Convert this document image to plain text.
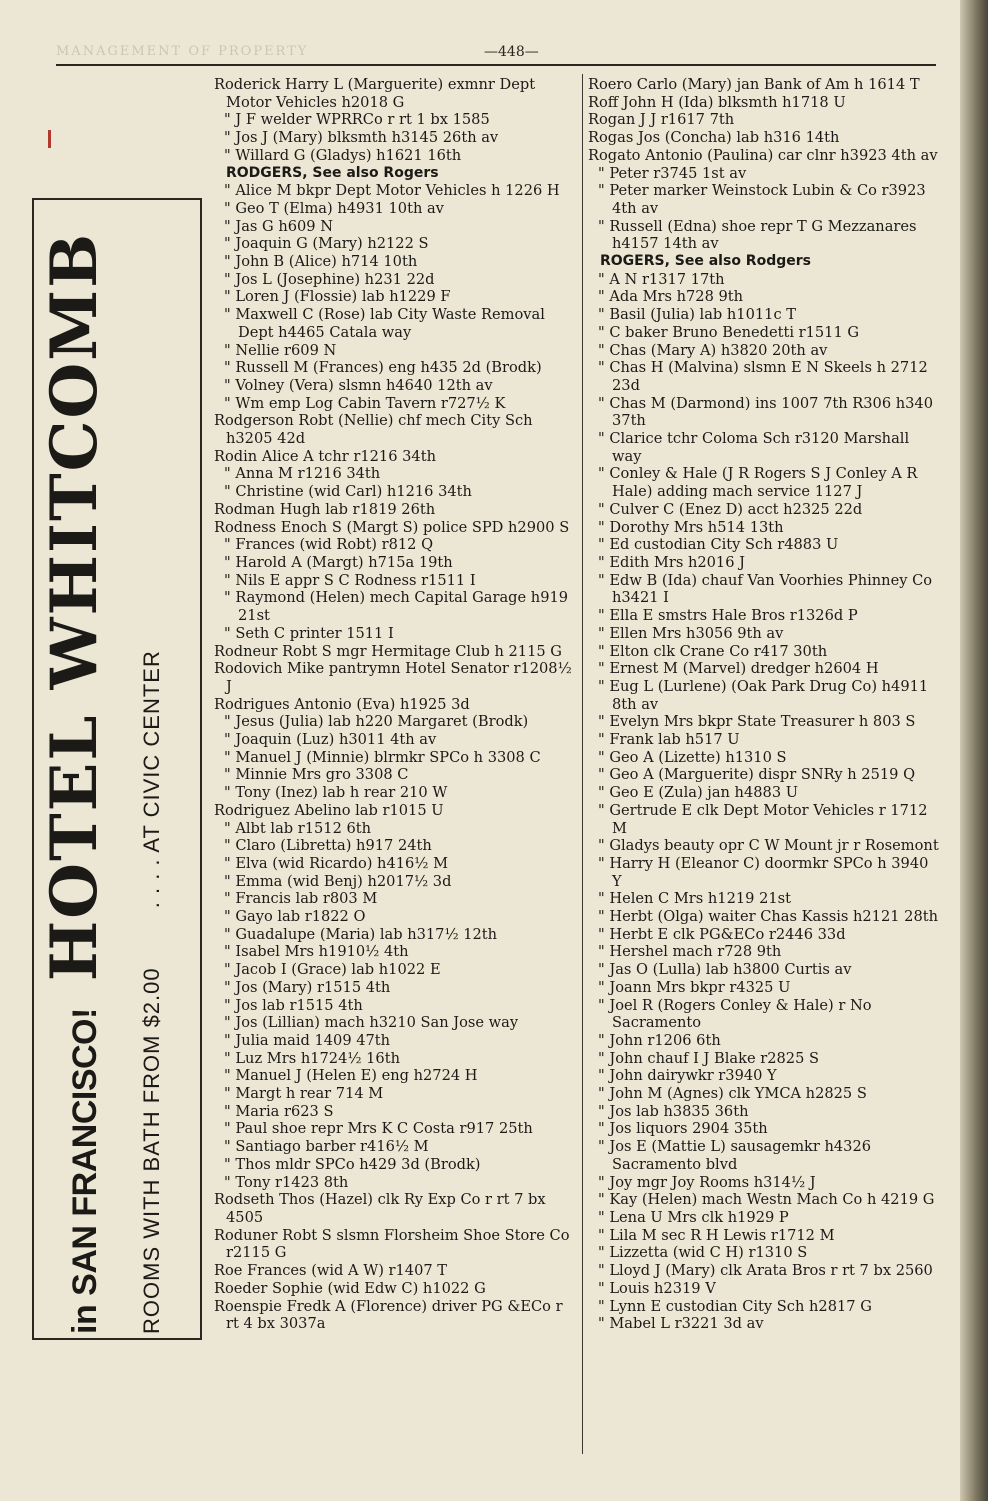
MANAGEMENT OF PROPERTY	—448—
in SAN FRANCISCO! HOTEL WHITCOMB
ROOMS WITH BATH FROM $2.00 . . . . AT CIVIC CENTER

Roderick Harry L (Marguerite) exmnr Dept Motor Vehicles h2018 G

" J F welder WPRRCo r rt 1 bx 1585

" Jos J (Mary) blksmth h3145 26th av

" Willard G (Gladys) h1621 16th

RODGERS, See also Rogers

" Alice M bkpr Dept Motor Vehicles h 1226 H

" Geo T (Elma) h4931 10th av

" Jas G h609 N

" Joaquin G (Mary) h2122 S

" John B (Alice) h714 10th

" Jos L (Josephine) h231 22d

" Loren J (Flossie) lab h1229 F

" Maxwell C (Rose) lab City Waste Removal Dept h4465 Catala way

" Nellie r609 N

" Russell M (Frances) eng h435 2d (Brodk)

" Volney (Vera) slsmn h4640 12th av

" Wm emp Log Cabin Tavern r727½ K

Rodgerson Robt (Nellie) chf mech City Sch h3205 42d

Rodin Alice A tchr r1216 34th

" Anna M r1216 34th

" Christine (wid Carl) h1216 34th

Rodman Hugh lab r1819 26th

Rodness Enoch S (Margt S) police SPD h2900 S

" Frances (wid Robt) r812 Q

" Harold A (Margt) h715a 19th

" Nils E appr S C Rodness r1511 I

" Raymond (Helen) mech Capital Garage h919 21st

" Seth C printer 1511 I

Rodneur Robt S mgr Hermitage Club h 2115 G

Rodovich Mike pantrymn Hotel Senator r1208½ J

Rodrigues Antonio (Eva) h1925 3d

" Jesus (Julia) lab h220 Margaret (Brodk)

" Joaquin (Luz) h3011 4th av

" Manuel J (Minnie) blrmkr SPCo h 3308 C

" Minnie Mrs gro 3308 C

" Tony (Inez) lab h rear 210 W

Rodriguez Abelino lab r1015 U

" Albt lab r1512 6th

" Claro (Libretta) h917 24th

" Elva (wid Ricardo) h416½ M

" Emma (wid Benj) h2017½ 3d

" Francis lab r803 M

" Gayo lab r1822 O

" Guadalupe (Maria) lab h317½ 12th

" Isabel Mrs h1910½ 4th

" Jacob I (Grace) lab h1022 E

" Jos (Mary) r1515 4th

" Jos lab r1515 4th

" Jos (Lillian) mach h3210 San Jose way

" Julia maid 1409 47th

" Luz Mrs h1724½ 16th

" Manuel J (Helen E) eng h2724 H

" Margt h rear 714 M

" Maria r623 S

" Paul shoe repr Mrs K C Costa r917 25th

" Santiago barber r416½ M

" Thos mldr SPCo h429 3d (Brodk)

" Tony r1423 8th

Rodseth Thos (Hazel) clk Ry Exp Co r rt 7 bx 4505

Roduner Robt S slsmn Florsheim Shoe Store Co r2115 G

Roe Frances (wid A W) r1407 T

Roeder Sophie (wid Edw C) h1022 G

Roenspie Fredk A (Florence) driver PG &ECo r rt 4 bx 3037a

Roero Carlo (Mary) jan Bank of Am h 1614 T

Roff John H (Ida) blksmth h1718 U

Rogan J J r1617 7th

Rogas Jos (Concha) lab h316 14th

Rogato Antonio (Paulina) car clnr h3923 4th av

" Peter r3745 1st av

" Peter marker Weinstock Lubin & Co r3923 4th av

" Russell (Edna) shoe repr T G Mezzanares h4157 14th av

ROGERS, See also Rodgers

" A N r1317 17th

" Ada Mrs h728 9th

" Basil (Julia) lab h1011c T

" C baker Bruno Benedetti r1511 G

" Chas (Mary A) h3820 20th av

" Chas H (Malvina) slsmn E N Skeels h 2712 23d

" Chas M (Darmond) ins 1007 7th R306 h340 37th

" Clarice tchr Coloma Sch r3120 Marshall way

" Conley & Hale (J R Rogers S J Conley A R Hale) adding mach service 1127 J

" Culver C (Enez D) acct h2325 22d

" Dorothy Mrs h514 13th

" Ed custodian City Sch r4883 U

" Edith Mrs h2016 J

" Edw B (Ida) chauf Van Voorhies Phinney Co h3421 I

" Ella E smstrs Hale Bros r1326d P

" Ellen Mrs h3056 9th av

" Elton clk Crane Co r417 30th

" Ernest M (Marvel) dredger h2604 H

" Eug L (Lurlene) (Oak Park Drug Co) h4911 8th av

" Evelyn Mrs bkpr State Treasurer h 803 S

" Frank lab h517 U

" Geo A (Lizette) h1310 S

" Geo A (Marguerite) dispr SNRy h 2519 Q

" Geo E (Zula) jan h4883 U

" Gertrude E clk Dept Motor Vehicles r 1712 M

" Gladys beauty opr C W Mount jr r Rosemont

" Harry H (Eleanor C) doormkr SPCo h 3940 Y

" Helen C Mrs h1219 21st

" Herbt (Olga) waiter Chas Kassis h2121 28th

" Herbt E clk PG&ECo r2446 33d

" Hershel mach r728 9th

" Jas O (Lulla) lab h3800 Curtis av

" Joann Mrs bkpr r4325 U

" Joel R (Rogers Conley & Hale) r No Sacramento

" John r1206 6th

" John chauf I J Blake r2825 S

" John dairywkr r3940 Y

" John M (Agnes) clk YMCA h2825 S

" Jos lab h3835 36th

" Jos liquors 2904 35th

" Jos E (Mattie L) sausagemkr h4326 Sacramento blvd

" Joy mgr Joy Rooms h314½ J

" Kay (Helen) mach Westn Mach Co h 4219 G

" Lena U Mrs clk h1929 P

" Lila M sec R H Lewis r1712 M

" Lizzetta (wid C H) r1310 S

" Lloyd J (Mary) clk Arata Bros r rt 7 bx 2560

" Louis h2319 V

" Lynn E custodian City Sch h2817 G

" Mabel L r3221 3d av
